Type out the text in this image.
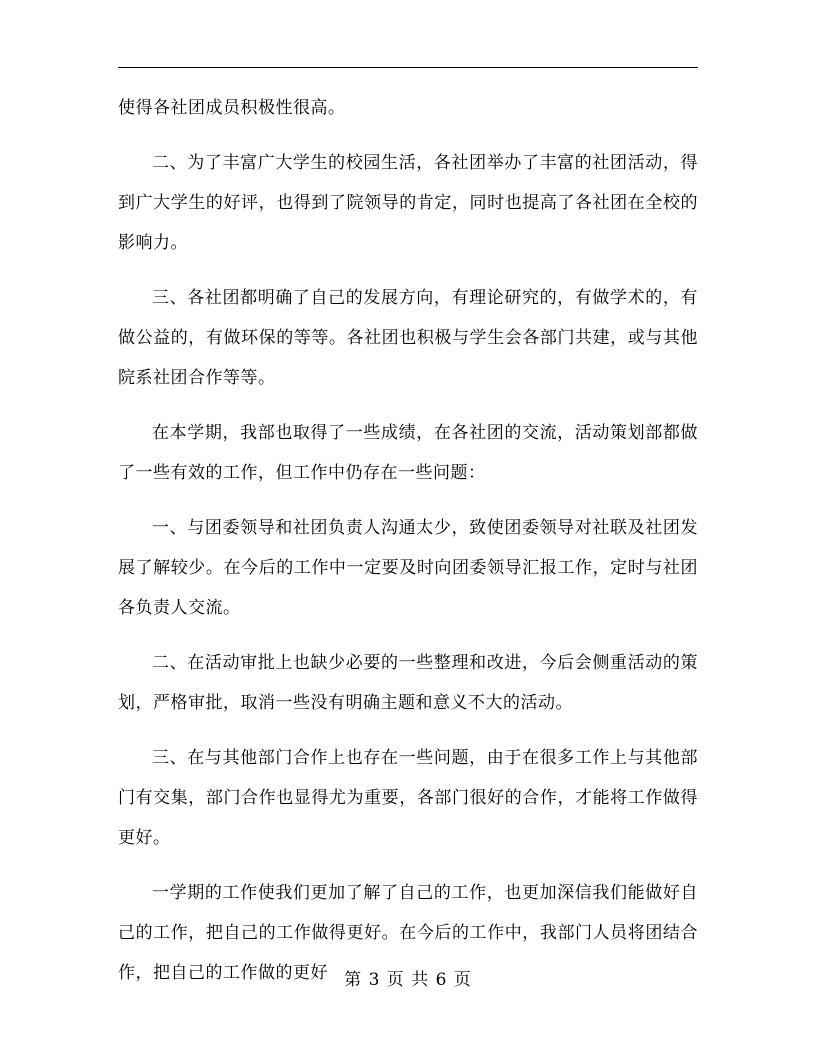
使得各社团成员积极性很高。

二、为了丰富广大学生的校园生活，各社团举办了丰富的社团活动，得到广大学生的好评，也得到了院领导的肯定，同时也提高了各社团在全校的影响力。

三、各社团都明确了自己的发展方向，有理论研究的，有做学术的，有做公益的，有做环保的等等。各社团也积极与学生会各部门共建，或与其他院系社团合作等等。

在本学期，我部也取得了一些成绩，在各社团的交流，活动策划部都做了一些有效的工作，但工作中仍存在一些问题：

一、与团委领导和社团负责人沟通太少，致使团委领导对社联及社团发展了解较少。在今后的工作中一定要及时向团委领导汇报工作，定时与社团各负责人交流。

二、在活动审批上也缺少必要的一些整理和改进，今后会侧重活动的策划，严格审批，取消一些没有明确主题和意义不大的活动。

三、在与其他部门合作上也存在一些问题，由于在很多工作上与其他部门有交集，部门合作也显得尤为重要，各部门很好的合作，才能将工作做得更好。

一学期的工作使我们更加了解了自己的工作，也更加深信我们能做好自己的工作，把自己的工作做得更好。在今后的工作中，我部门人员将团结合作，把自己的工作做的更好 第 3 页 共 6 页
